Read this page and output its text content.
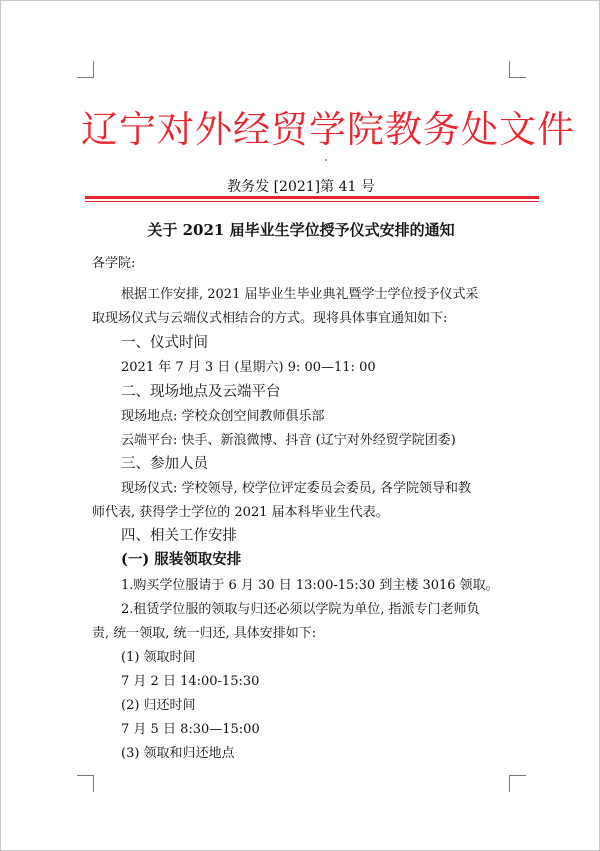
辽宁对外经贸学院教务处文件
教务发 [2021]第 41 号
关于 2021 届毕业生学位授予仪式安排的通知
各学院:
根据工作安排, 2021 届毕业生毕业典礼暨学士学位授予仪式采
取现场仪式与云端仪式相结合的方式。现将具体事宜通知如下:
一、仪式时间
2021 年 7 月 3 日 (星期六) 9: 00—11: 00
二、现场地点及云端平台
现场地点: 学校众创空间教师俱乐部
云端平台: 快手、新浪微博、抖音 (辽宁对外经贸学院团委)
三、参加人员
现场仪式: 学校领导, 校学位评定委员会委员, 各学院领导和教
师代表, 获得学士学位的 2021 届本科毕业生代表。
四、相关工作安排
(一) 服装领取安排
1.购买学位服请于 6 月 30 日 13:00-15:30 到主楼 3016 领取。
2.租赁学位服的领取与归还必须以学院为单位, 指派专门老师负
责, 统一领取, 统一归还, 具体安排如下:
(1) 领取时间
7 月 2 日 14:00-15:30
(2) 归还时间
7 月 5 日 8:30—15:00
(3) 领取和归还地点
